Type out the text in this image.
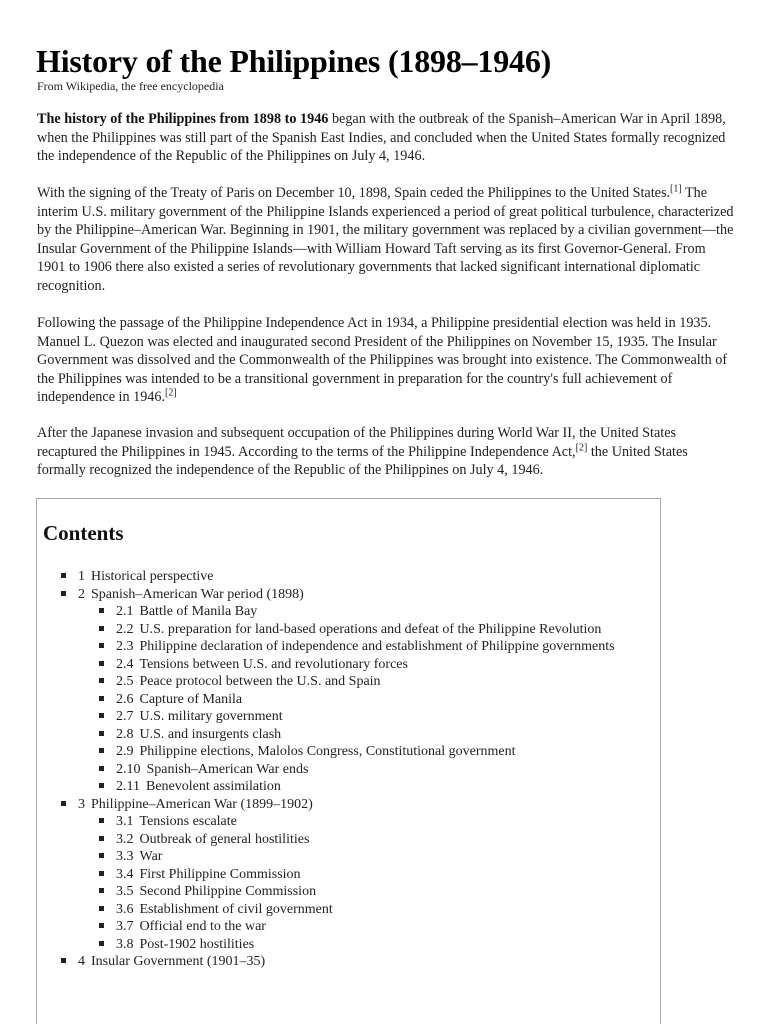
History of the Philippines (1898–1946)
From Wikipedia, the free encyclopedia

The history of the Philippines from 1898 to 1946 began with the outbreak of the Spanish–American War in April 1898, when the Philippines was still part of the Spanish East Indies, and concluded when the United States formally recognized the independence of the Republic of the Philippines on July 4, 1946.

With the signing of the Treaty of Paris on December 10, 1898, Spain ceded the Philippines to the United States.[1] The interim U.S. military government of the Philippine Islands experienced a period of great political turbulence, characterized by the Philippine–American War. Beginning in 1901, the military government was replaced by a civilian government—the Insular Government of the Philippine Islands—with William Howard Taft serving as its first Governor-General. From 1901 to 1906 there also existed a series of revolutionary governments that lacked significant international diplomatic recognition.

Following the passage of the Philippine Independence Act in 1934, a Philippine presidential election was held in 1935. Manuel L. Quezon was elected and inaugurated second President of the Philippines on November 15, 1935. The Insular Government was dissolved and the Commonwealth of the Philippines was brought into existence. The Commonwealth of the Philippines was intended to be a transitional government in preparation for the country's full achievement of independence in 1946.[2]

After the Japanese invasion and subsequent occupation of the Philippines during World War II, the United States recaptured the Philippines in 1945. According to the terms of the Philippine Independence Act,[2] the United States formally recognized the independence of the Republic of the Philippines on July 4, 1946.

Contents
1 Historical perspective
2 Spanish–American War period (1898)
2.1 Battle of Manila Bay
2.2 U.S. preparation for land-based operations and defeat of the Philippine Revolution
2.3 Philippine declaration of independence and establishment of Philippine governments
2.4 Tensions between U.S. and revolutionary forces
2.5 Peace protocol between the U.S. and Spain
2.6 Capture of Manila
2.7 U.S. military government
2.8 U.S. and insurgents clash
2.9 Philippine elections, Malolos Congress, Constitutional government
2.10 Spanish–American War ends
2.11 Benevolent assimilation
3 Philippine–American War (1899–1902)
3.1 Tensions escalate
3.2 Outbreak of general hostilities
3.3 War
3.4 First Philippine Commission
3.5 Second Philippine Commission
3.6 Establishment of civil government
3.7 Official end to the war
3.8 Post-1902 hostilities
4 Insular Government (1901–35)
